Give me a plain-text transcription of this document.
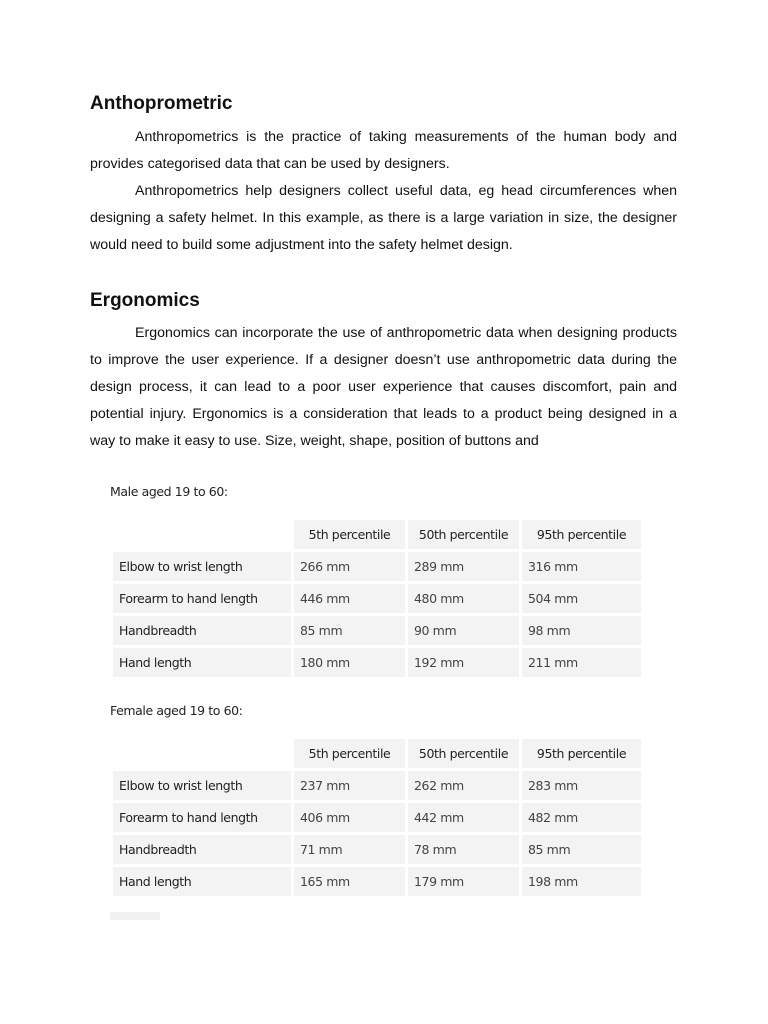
Anthoprometric

Anthropometrics is the practice of taking measurements of the human body and provides categorised data that can be used by designers.

Anthropometrics help designers collect useful data, eg head circumferences when designing a safety helmet. In this example, as there is a large variation in size, the designer would need to build some adjustment into the safety helmet design.

Ergonomics

Ergonomics can incorporate the use of anthropometric data when designing products to improve the user experience. If a designer doesn’t use anthropometric data during the design process, it can lead to a poor user experience that causes discomfort, pain and potential injury. Ergonomics is a consideration that leads to a product being designed in a way to make it easy to use. Size, weight, shape, position of buttons and

Male aged 19 to 60:

	5th percentile	50th percentile	95th percentile
Elbow to wrist length	266 mm	289 mm	316 mm
Forearm to hand length	446 mm	480 mm	504 mm
Handbreadth	85 mm	90 mm	98 mm
Hand length	180 mm	192 mm	211 mm

Female aged 19 to 60:

	5th percentile	50th percentile	95th percentile
Elbow to wrist length	237 mm	262 mm	283 mm
Forearm to hand length	406 mm	442 mm	482 mm
Handbreadth	71 mm	78 mm	85 mm
Hand length	165 mm	179 mm	198 mm
